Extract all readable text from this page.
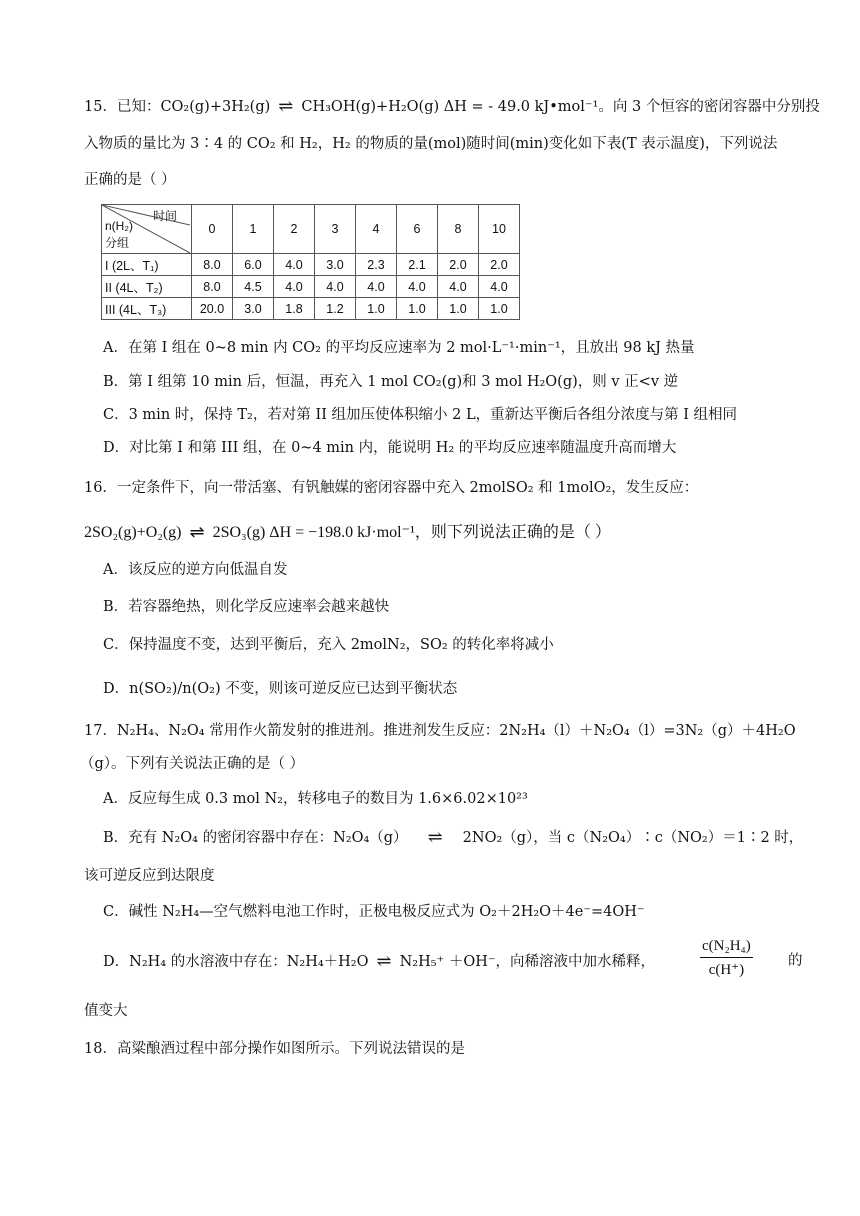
15．已知：CO₂(g)+3H₂(g) ⇌ CH₃OH(g)+H₂O(g) ΔH = - 49.0 kJ•mol⁻¹。向 3 个恒容的密闭容器中分别投
入物质的量比为 3∶4 的 CO₂ 和 H₂，H₂ 的物质的量(mol)随时间(min)变化如下表(T 表示温度)，下列说法
正确的是（ ）
时间
n(H₂)
分组	0	1	2	3	4	6	8	10
I (2L、T₁)	8.0	6.0	4.0	3.0	2.3	2.1	2.0	2.0
II (4L、T₂)	8.0	4.5	4.0	4.0	4.0	4.0	4.0	4.0
III (4L、T₃)	20.0	3.0	1.8	1.2	1.0	1.0	1.0	1.0
A．在第 I 组在 0~8 min 内 CO₂ 的平均反应速率为 2 mol·L⁻¹·min⁻¹，且放出 98 kJ 热量
B．第 I 组第 10 min 后，恒温，再充入 1 mol CO₂(g)和 3 mol H₂O(g)，则 v 正<v 逆
C．3 min 时，保持 T₂，若对第 II 组加压使体积缩小 2 L，重新达平衡后各组分浓度与第 I 组相同
D．对比第 I 和第 III 组，在 0~4 min 内，能说明 H₂ 的平均反应速率随温度升高而增大
16．一定条件下，向一带活塞、有钒触媒的密闭容器中充入 2molSO₂ 和 1molO₂，发生反应：
2SO₂(g)+O₂(g) ⇌ 2SO₃(g) ΔH = −198.0 kJ·mol⁻¹，则下列说法正确的是（ ）
A．该反应的逆方向低温自发
B．若容器绝热，则化学反应速率会越来越快
C．保持温度不变，达到平衡后，充入 2molN₂，SO₂ 的转化率将减小
D．n(SO₂)/n(O₂) 不变，则该可逆反应已达到平衡状态
17．N₂H₄、N₂O₄ 常用作火箭发射的推进剂。推进剂发生反应：2N₂H₄（l）＋N₂O₄（l）=3N₂（g）＋4H₂O
（g）。下列有关说法正确的是（ ）
A．反应每生成 0.3 mol N₂，转移电子的数目为 1.6×6.02×10²³
B．充有 N₂O₄ 的密闭容器中存在：N₂O₄（g） ⇌ 2NO₂（g），当 c（N₂O₄）∶c（NO₂）＝1∶2 时，
该可逆反应到达限度
C．碱性 N₂H₄—空气燃料电池工作时，正极电极反应式为 O₂＋2H₂O＋4e⁻=4OH⁻
D．N₂H₄ 的水溶液中存在：N₂H₄＋H₂O ⇌ N₂H₅⁺ ＋OH⁻，向稀溶液中加水稀释，	$\frac{\text{c(N₂H₄)}}{c(H^+)}$ 的
值变大
18．高粱酿酒过程中部分操作如图所示。下列说法错误的是
